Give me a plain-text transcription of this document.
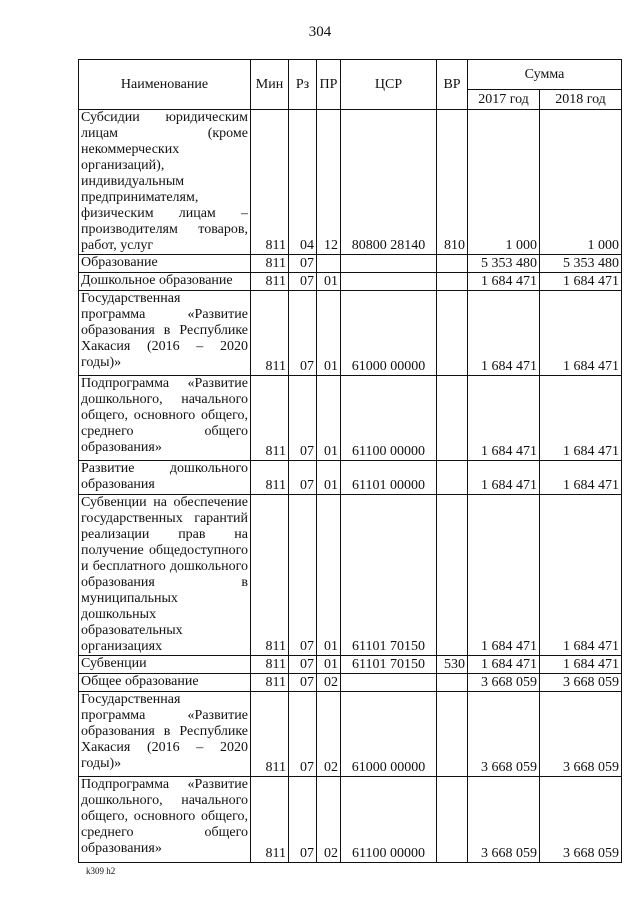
304
Наименование	Мин	Рз	ПР	ЦСР	ВР	Сумма	
						2017 год	2018 год
Субсидии юридическим лицам (кроме некоммерческих организаций), индивидуальным предпринимателям, физическим лицам – производителям товаров, работ, услуг	811	04	12	80800 28140	810	1 000	1 000
Образование	811	07				5 353 480	5 353 480
Дошкольное образование	811	07	01			1 684 471	1 684 471
Государственная программа «Развитие образования в Республике Хакасия (2016 – 2020 годы)»	811	07	01	61000 00000		1 684 471	1 684 471
Подпрограмма «Развитие дошкольного, начального общего, основного общего, среднего общего образования»	811	07	01	61100 00000		1 684 471	1 684 471
Развитие дошкольного образования	811	07	01	61101 00000		1 684 471	1 684 471
Субвенции на обеспечение государственных гарантий реализации прав на получение общедоступного и бесплатного дошкольного образования в муниципальных дошкольных образовательных организациях	811	07	01	61101 70150		1 684 471	1 684 471
Субвенции	811	07	01	61101 70150	530	1 684 471	1 684 471
Общее образование	811	07	02			3 668 059	3 668 059
Государственная программа «Развитие образования в Республике Хакасия (2016 – 2020 годы)»	811	07	02	61000 00000		3 668 059	3 668 059
Подпрограмма «Развитие дошкольного, начального общего, основного общего, среднего общего образования»	811	07	02	61100 00000		3 668 059	3 668 059
k309 h2
